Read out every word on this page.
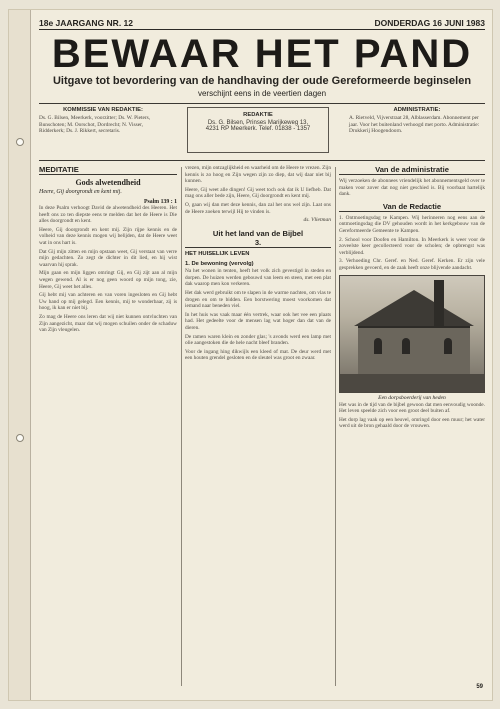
18e JAARGANG NR. 12	DONDERDAG 16 JUNI 1983
BEWAAR HET PAND
Uitgave tot bevordering van de handhaving der oude Gereformeerde beginselen
verschijnt eens in de veertien dagen
KOMMISSIE VAN REDAKTIE:
Ds. G. Bilsen, Meerkerk, voorzitter; Ds. W. Pieters, Bunschoten; M. Oorschot, Dordrecht; N. Visser, Ridderkerk; Ds. J. Rikkert, secretaris.
REDAKTIE
Ds. G. Bilsen, Prinses Marijkeweg 13,
4231 RP Meerkerk. Telef. 01838 - 1357
ADMINISTRATIE:
A. Rietveld, Vijverstraat 28, Alblasserdam. Abonnement per jaar. Voor het buitenland verhoogd met porto. Administratie: Drukkerij Hoogendoorn.
MEDITATIE
Gods alwetendheid
Heere, Gij doorgrondt en kent mij.
Psalm 139 : 1

In deze Psalm verhoogt David de alwetendheid des Heeren. Het heeft ons zo ten diepste eens te melden dat het de Heere is Die alles doorgrondt en kent.

Heere, Gij doorgrondt en kent mij. Zijn rijpe kennis en de volheid van deze kennis mogen wij belijden, dat de Heere weet wat in ons hart is.

Dat Gij mijn zitten en mijn opstaan weet, Gij verstaat van verre mijn gedachten. Zo zegt de dichter in dit lied, en hij wist waarvan hij sprak.

Mijn gaan en mijn liggen omringt Gij, en Gij zijt aan al mijn wegen gewend. Al is er nog geen woord op mijn tong, zie, Heere, Gij weet het alles.

Gij hebt mij van achteren en van voren ingesloten en Gij hebt Uw hand op mij gelegd. Een kennis, mij te wonderbaar, zij is hoog, ik kan er niet bij.

Zo mag de Heere ons leren dat wij niet kunnen ontvluchten van Zijn aangezicht, maar dat wij mogen schuilen onder de schaduw van Zijn vleugelen.

vrezen, mijn ontzaglijkheid en waarheid om de Heere te vrezen. Zijn kennis is zo hoog en Zijn wegen zijn zo diep, dat wij daar niet bij kunnen.

Heere, Gij weet alle dingen! Gij weet toch ook dat ik U liefheb. Dat mag ons aller bede zijn, Heere, Gij doorgrondt en kent mij.

O, gaan wij dan met deze kennis, dan zal het ons wel zijn. Laat ons de Heere zoeken terwijl Hij te vinden is.

ds. Vlietman
Uit het land van de Bijbel
3.
HET HUISELIJK LEVEN
1. De bewoning (vervolg)

Na het wonen in tenten, heeft het volk zich gevestigd in steden en dorpen. De huizen werden gebouwd van leem en steen, met een plat dak waarop men kon verkeren.

Het dak werd gebruikt om te slapen in de warme nachten, om vlas te drogen en om te bidden. Een borstwering moest voorkomen dat iemand naar beneden viel.

In het huis was vaak maar één vertrek, waar ook het vee een plaats had. Het gedeelte voor de mensen lag wat hoger dan dat van de dieren.

De ramen waren klein en zonder glas; 's avonds werd een lamp met olie aangestoken die de hele nacht bleef branden.

Voor de ingang hing dikwijls een kleed of mat. De deur werd met een houten grendel gesloten en de sleutel was groot en zwaar.

Van de administratie

Wij verzoeken de abonnees vriendelijk het abonnementsgeld over te maken voor zover dat nog niet geschied is. Bij voorbaat hartelijk dank.

Van de Redactie

1. Ontmoetingsdag te Kampen. Wij herinneren nog eens aan de ontmoetingsdag die DV gehouden wordt in het kerkgebouw van de Gereformeerde Gemeente te Kampen.

2. School voor Doofen en Hamilton. In Meerkerk is weer voor de zoveelste keer gecollecteerd voor de scholen; de opbrengst was verblijdend.

3. Verhoeding Chr. Geref. en Ned. Geref. Kerken. Er zijn vele gesprekken gevoerd, en de zaak heeft onze blijvende aandacht.

Een dorpsboerderij van heden

Het was in de tijd van de bijbel gewoon dat men eenvoudig woonde. Het leven speelde zich voor een groot deel buiten af.

Het dorp lag vaak op een heuvel, omringd door een muur; het water werd uit de bron gehaald door de vrouwen.

59
